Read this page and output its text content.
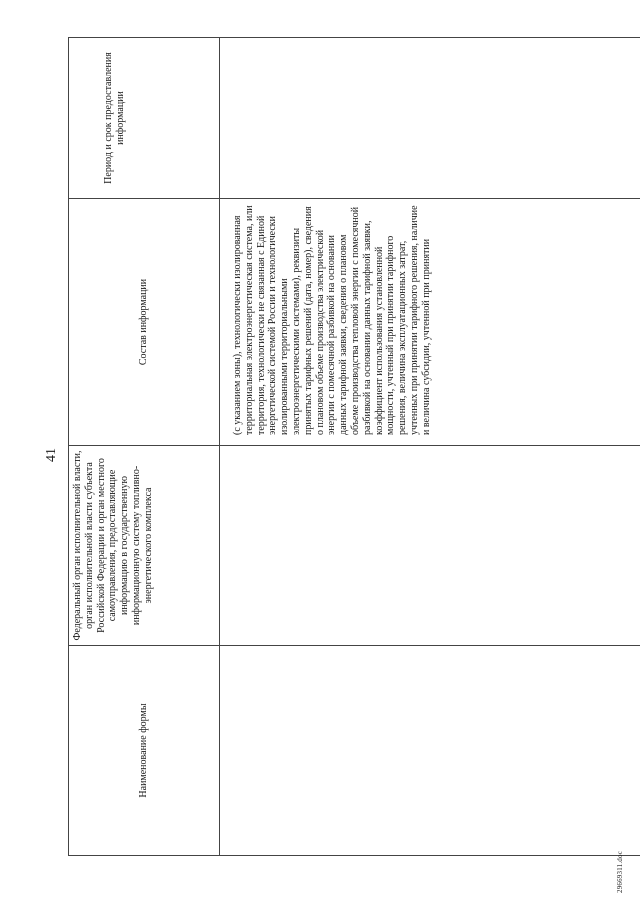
41
Наименование формы	Федеральный орган исполнительной власти, орган исполнительной власти субъекта Российской Федерации и орган местного самоуправления, предоставляющие информацию в государственную информационную систему топливно-энергетического комплекса	Состав информации	Период и срок предоставления информации
		(с указанием зоны), технологически изолированная территориальная электроэнергетическая система, или территория, технологически не связанная с Единой энергетической системой России и технологически изолированными территориальными электроэнергетическими системами), реквизиты принятых тарифных решений (дата, номер), сведения о плановом объеме производства электрической энергии с помесячной разбивкой на основании данных тарифной заявки, сведения о плановом объеме производства тепловой энергии с помесячной разбивкой на основании данных тарифной заявки, коэффициент использования установленной мощности, учтенный при принятии тарифного решения, величина эксплуатационных затрат, учтенных при принятии тарифного решения, наличие и величина субсидии, учтенной при принятии	
29669311.doc
